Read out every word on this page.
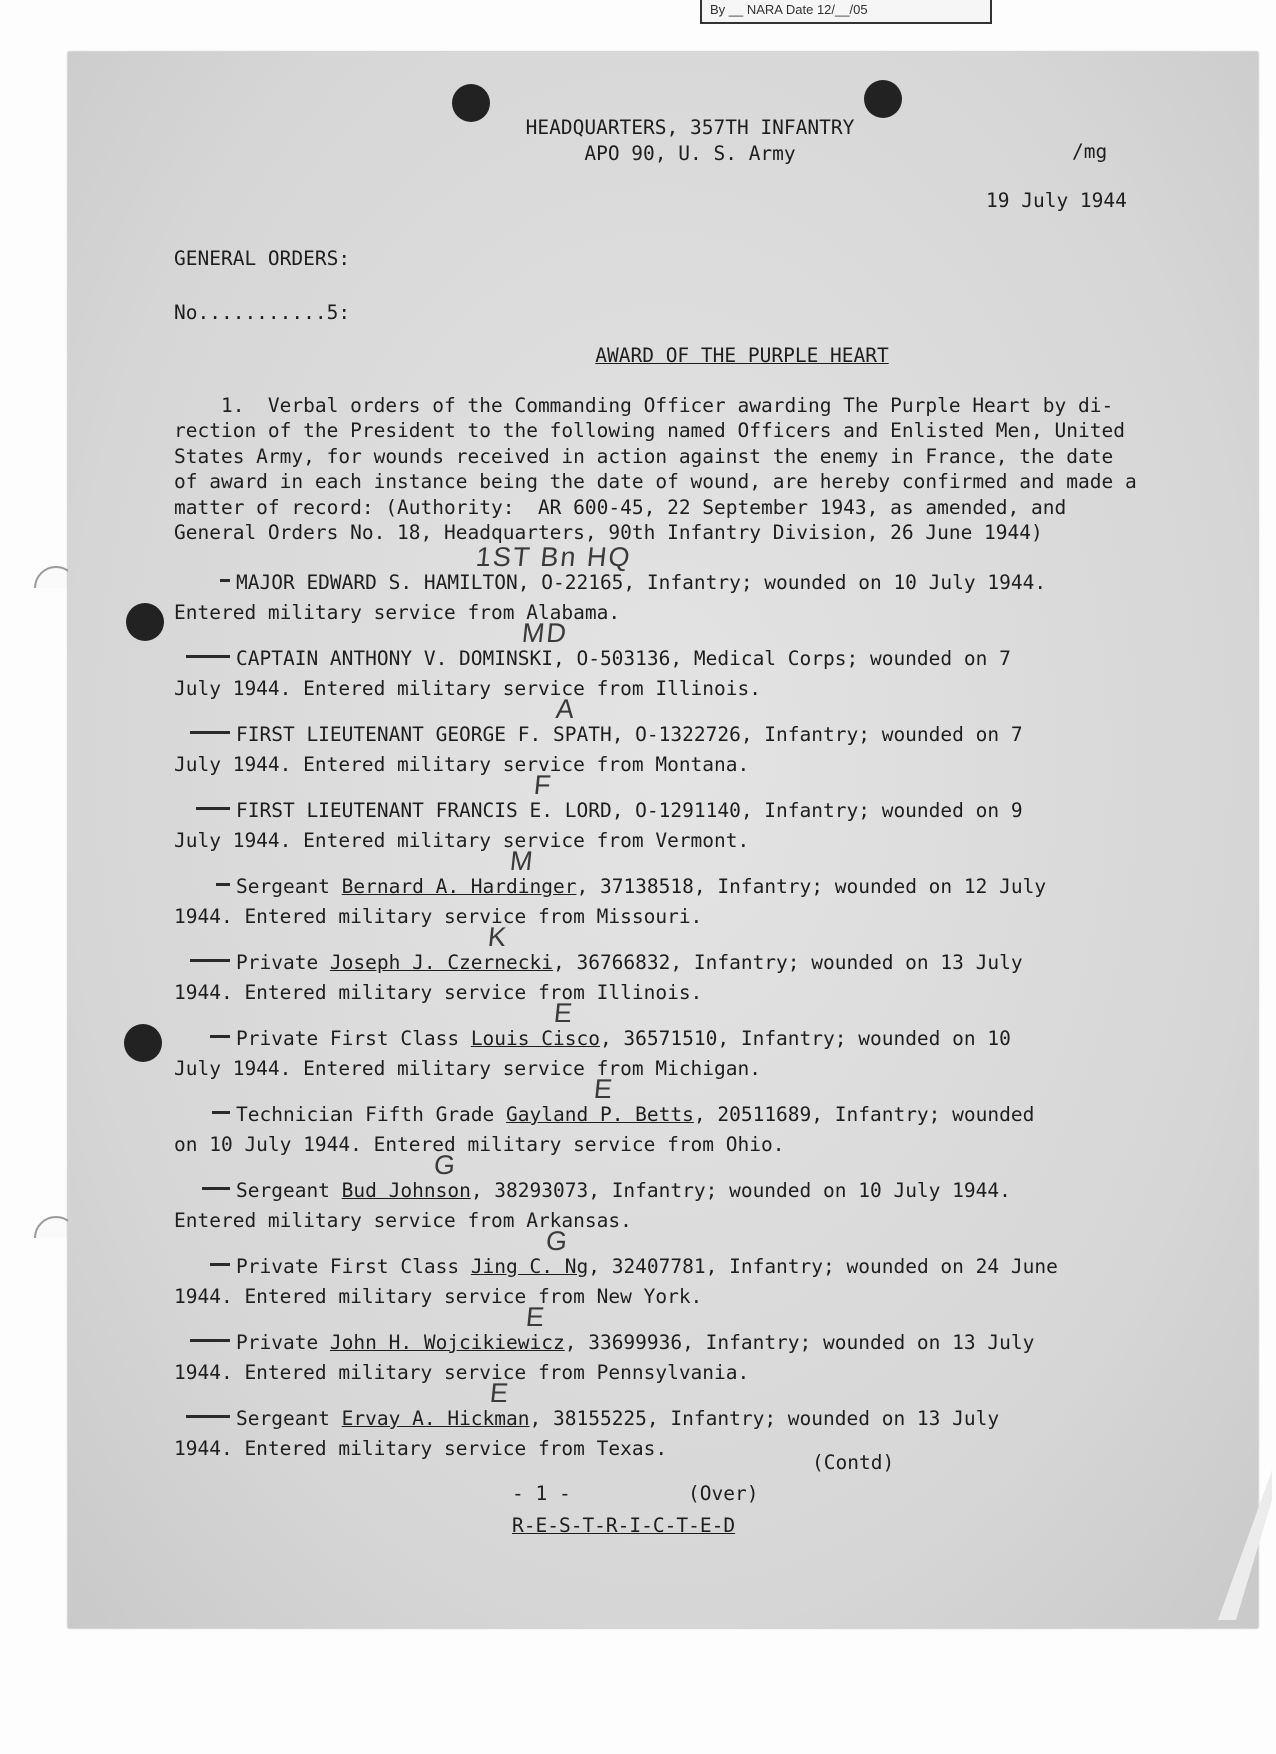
By __ NARA Date 12/__/05
HEADQUARTERS, 357TH INFANTRY
APO 90, U. S. Army	/mg
19 July 1944
GENERAL ORDERS:
No...........5:
AWARD OF THE PURPLE HEART
1.  Verbal orders of the Commanding Officer awarding The Purple Heart by di-
rection of the President to the following named Officers and Enlisted Men, United
States Army, for wounds received in action against the enemy in France, the date
of award in each instance being the date of wound, are hereby confirmed and made a
matter of record: (Authority:  AR 600-45, 22 September 1943, as amended, and
General Orders No. 18, Headquarters, 90th Infantry Division, 26 June 1944)
MAJOR EDWARD S. HAMILTON, O-22165, Infantry; wounded on 10 July 1944.
Entered military service from Alabama.
1ST Bn HQ
CAPTAIN ANTHONY V. DOMINSKI, O-503136, Medical Corps; wounded on 7
July 1944. Entered military service from Illinois.
MD
FIRST LIEUTENANT GEORGE F. SPATH, O-1322726, Infantry; wounded on 7
July 1944. Entered military service from Montana.
A
FIRST LIEUTENANT FRANCIS E. LORD, O-1291140, Infantry; wounded on 9
July 1944. Entered military service from Vermont.
F
Sergeant Bernard A. Hardinger, 37138518, Infantry; wounded on 12 July
1944. Entered military service from Missouri.
M
Private Joseph J. Czernecki, 36766832, Infantry; wounded on 13 July
1944. Entered military service from Illinois.
K
Private First Class Louis Cisco, 36571510, Infantry; wounded on 10
July 1944. Entered military service from Michigan.
E
Technician Fifth Grade Gayland P. Betts, 20511689, Infantry; wounded
on 10 July 1944. Entered military service from Ohio.
E
Sergeant Bud Johnson, 38293073, Infantry; wounded on 10 July 1944.
Entered military service from Arkansas.
G
Private First Class Jing C. Ng, 32407781, Infantry; wounded on 24 June
1944. Entered military service from New York.
G
Private John H. Wojcikiewicz, 33699936, Infantry; wounded on 13 July
1944. Entered military service from Pennsylvania.
E
Sergeant Ervay A. Hickman, 38155225, Infantry; wounded on 13 July
1944. Entered military service from Texas.
E
(Contd)
- 1 -	(Over)
R-E-S-T-R-I-C-T-E-D
